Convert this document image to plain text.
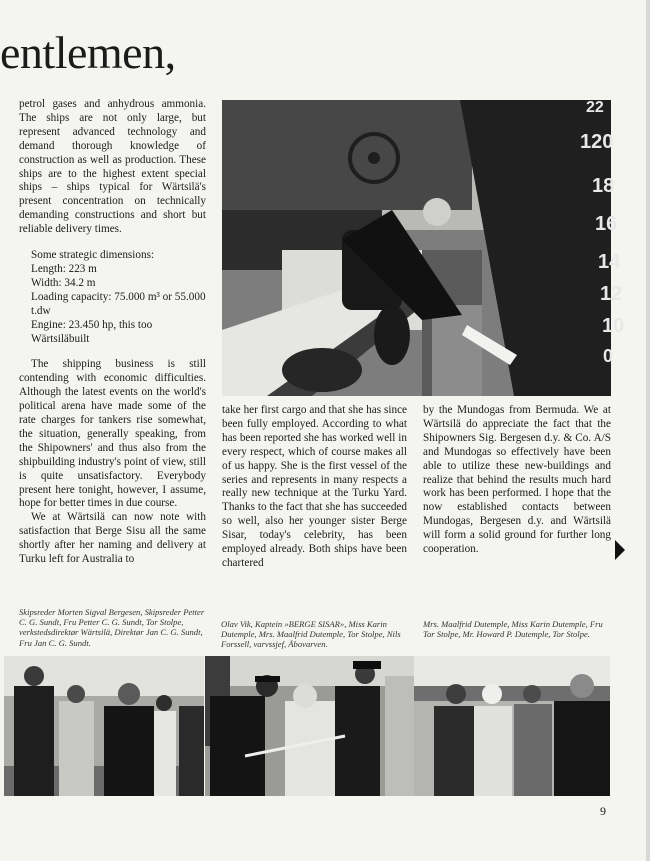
entlemen,

petrol gases and anhydrous ammonia. The ships are not only large, but represent advanced technology and demand thorough knowledge of construction as well as production. These ships are to the highest extent special ships – ships typical for Wärtsilä's present concentration on technically demanding constructions and short but reliable delivery times.

Some strategic dimensions:

Length: 223 m

Width: 34.2 m

Loading capacity: 75.000 m³ or 55.000 t.dw

Engine: 23.450 hp, this too Wärtsiläbuilt

The shipping business is still contending with economic difficulties. Although the latest events on the world's political arena have made some of the rate charges for tankers rise somewhat, the situation, generally speaking, from the Shipowners' and thus also from the shipbuilding industry's point of view, still is quite unsatisfactory. Everybody present here tonight, however, I assume, hope for better times in due course.

We at Wärtsilä can now note with satisfaction that Berge Sisu all the same shortly after her naming and delivery at Turku left for Australia to

22
120
18
16
14
12
10
0

take her first cargo and that she has since been fully employed. According to what has been reported she has worked well in every respect, which of course makes all of us happy. She is the first vessel of the series and represents in many respects a really new technique at the Turku Yard. Thanks to the fact that she has succeeded so well, also her younger sister Berge Sisar, today's celebrity, has been employed already. Both ships have been chartered

by the Mundogas from Bermuda. We at Wärtsilä do appreciate the fact that the Shipowners Sig. Bergesen d.y. & Co. A/S and Mundogas so effectively have been able to utilize these new-buildings and realize that behind the results much hard work has been performed. I hope that the now established contacts between Mundogas, Bergesen d.y. and Wärtsilä will form a solid ground for further long cooperation.

Skipsreder Morten Sigval Bergesen, Skipsreder Petter C. G. Sundt, Fru Petter C. G. Sundt, Tor Stolpe, verkstedsdirektør Wärtsilä, Direktør Jan C. G. Sundt, Fru Jan C. G. Sundt.
Olav Vik, Kaptein »BERGE SISAR», Miss Karin Dutemple, Mrs. Maalfrid Dutemple, Tor Stolpe, Nils Forssell, varvssjef, Åbovarven.
Mrs. Maalfrid Dutemple, Miss Karin Dutemple, Fru Tor Stolpe, Mr. Howard P. Dutemple, Tor Stolpe.
9
